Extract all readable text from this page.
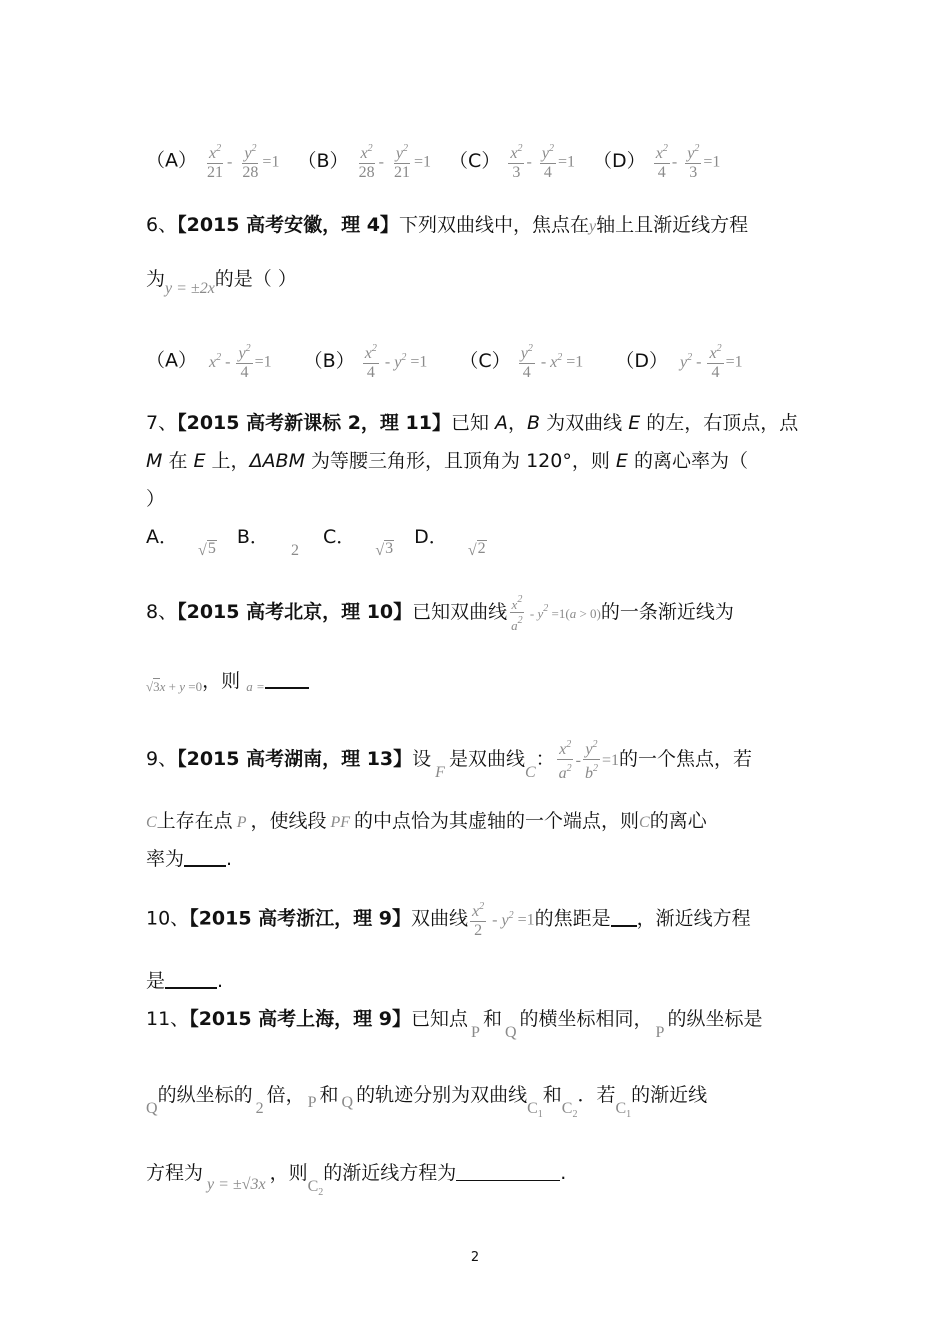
$(A) \frac{x^2}{21} - \frac{y^2}{28} =1$ $(B) \frac{x^2}{28} - \frac{y^2}{21} =1$ $(C) \frac{x^2}{3} - \frac{y^2}{4} =1$ $(D) \frac{x^2}{4} - \frac{y^2}{3} =1$
6、【2015 高考安徽，理 4】下列双曲线中，焦点在y轴上且渐近线方程
为$_{y = \pm 2x}$的是（ ）
（A） $x^2 - \frac{y^2}{4} =1$ $(B) \frac{x^2}{4} - y^2 =1$ $(C) \frac{y^2}{4} - x^2 =1$ （D） $y^2 - \frac{x^2}{4} =1$
7、【2015 高考新课标 2，理 11】已知 A，B 为双曲线 E 的左，右顶点，点
M 在 E 上，ΔABM 为等腰三角形，且顶角为 120°，则 E 的离心率为（
）
A．
√ 5
B． $_2$ C．
√ 3
D．
√ 2
8、【2015 高考北京，理 10】已知双曲线 $\frac{x^2}{a^2} - y^2 =1(a > 0)$的一条渐近线为
$_{√3x + y =0}$，则 $_{a =}$
9、【2015 高考湖南，理 13】设$_F$是双曲线$_C$： $\frac{x^2}{a^2} - \frac{y^2}{b^2} =1$的一个焦点，若
C上存在点 P ，使线段 PF 的中点恰为其虚轴的一个端点，则C的离心
率为 .
10、【2015 高考浙江，理 9】双曲线 $\frac{x^2}{2} - y^2 =1$的焦距是 ，渐近线方程
是	.
11、【2015 高考上海，理 9】已知点$_P$和$_Q$的横坐标相同，$_P$的纵坐标是
$_Q$的纵坐标的$_2$倍， $_P$ 和 $_Q$ 的轨迹分别为双曲线$_{C_1}$和$_{C_2}$．若$_{C_1}$的渐近线
方程为$_{y = \pm√3x}$，则$_{C_2}$的渐近线方程为	.
2
